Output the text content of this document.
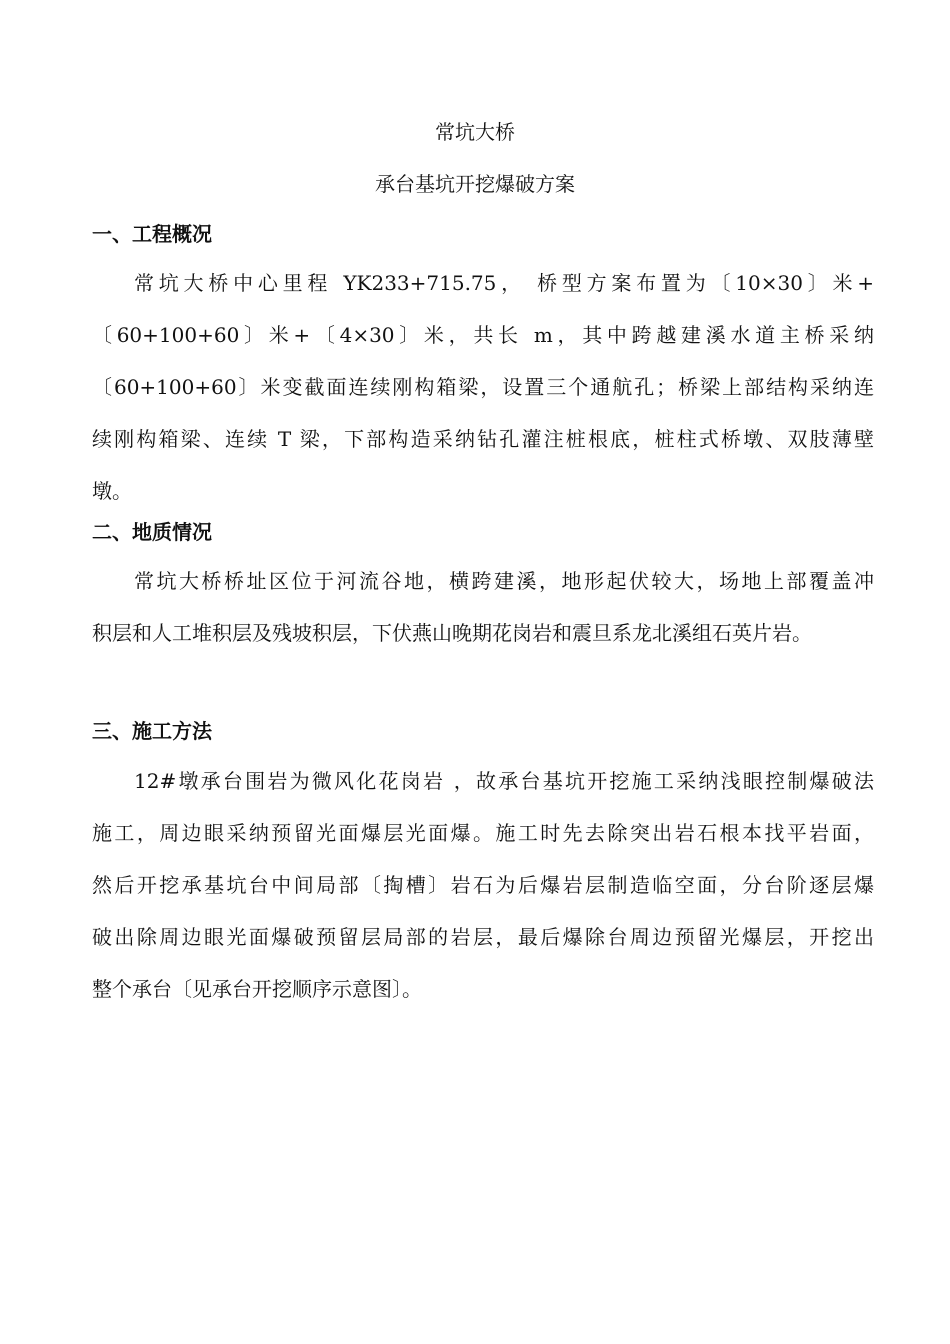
常坑大桥
承台基坑开挖爆破方案
一、工程概况
常坑大桥中心里程 YK233+715.75， 桥型方案布置为〔10×30〕米+
〔60+100+60〕米+〔4×30〕米，共长 m，其中跨越建溪水道主桥采纳
〔60+100+60〕米变截面连续刚构箱梁，设置三个通航孔；桥梁上部结构采纳连
续刚构箱梁、连续 T 梁，下部构造采纳钻孔灌注桩根底，桩柱式桥墩、双肢薄壁
墩。
二、地质情况
常坑大桥桥址区位于河流谷地，横跨建溪，地形起伏较大，场地上部覆盖冲
积层和人工堆积层及残坡积层，下伏燕山晚期花岗岩和震旦系龙北溪组石英片岩。
三、施工方法
12#墩承台围岩为微风化花岗岩 ，故承台基坑开挖施工采纳浅眼控制爆破法
施工，周边眼采纳预留光面爆层光面爆。施工时先去除突出岩石根本找平岩面，
然后开挖承基坑台中间局部〔掏槽〕岩石为后爆岩层制造临空面，分台阶逐层爆
破出除周边眼光面爆破预留层局部的岩层，最后爆除台周边预留光爆层，开挖出
整个承台〔见承台开挖顺序示意图〕。
